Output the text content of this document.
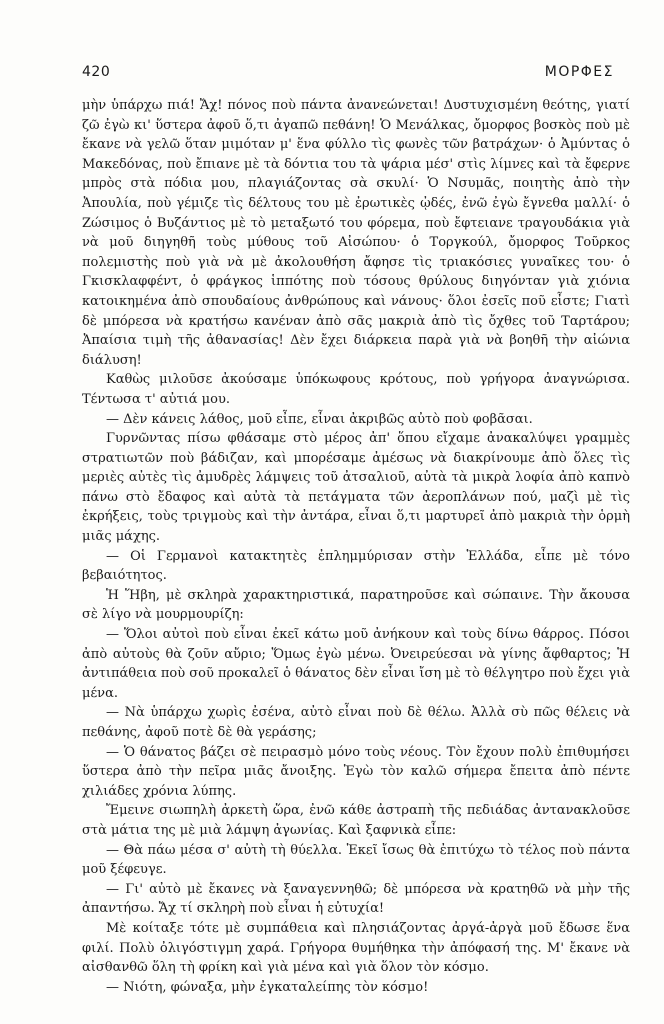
420	ΜΟΡΦΕΣ

μὴν ὑπάρχω πιά! Ἄχ! πόνος ποὺ πάντα ἀνανεώνεται! Δυστυχισμένη θεότης, γιατί ζῶ ἐγὼ κι' ὕστερα ἀφοῦ ὅ,τι ἀγαπῶ πεθάνη! Ὁ Μενάλκας, ὄμορφος βοσκὸς ποὺ μὲ ἔκανε νὰ γελῶ ὅταν μιμόταν μ' ἕνα φύλλο τὶς φωνὲς τῶν βατράχων· ὁ Ἀμύντας ὁ Μακεδόνας, ποὺ ἔπιανε μὲ τὰ δόντια του τὰ ψάρια μέσ' στὶς λίμνες καὶ τὰ ἔφερνε μπρὸς στὰ πόδια μου, πλαγιάζοντας σὰ σκυλί· Ὁ Νσυμᾶς, ποιητὴς ἀπὸ τὴν Ἀπουλία, ποὺ γέμιζε τὶς δέλτους του μὲ ἐρωτικὲς ᾠδές, ἐνῶ ἐγὼ ἔγνεθα μαλλί· ὁ Ζώσιμος ὁ Βυζάντιος μὲ τὸ μεταξωτό του φόρεμα, ποὺ ἔφτειανε τραγουδάκια γιὰ νὰ μοῦ διηγηθῆ τοὺς μύθους τοῦ Αἰσώπου· ὁ Τοργκούλ, ὄμορφος Τοῦρκος πολεμιστὴς ποὺ γιὰ νὰ μὲ ἀκολουθήση ἄφησε τὶς τριακόσιες γυναῖκες του· ὁ Γκισκλαφφέντ, ὁ φράγκος ἱππότης ποὺ τόσους θρύλους διηγόνταν γιὰ χιόνια κατοικημένα ἀπὸ σπουδαίους ἀνθρώπους καὶ νάνους· ὅλοι ἐσεῖς ποῦ εἶστε; Γιατὶ δὲ μπόρεσα νὰ κρατήσω κανέναν ἀπὸ σᾶς μακριὰ ἀπὸ τὶς ὄχθες τοῦ Ταρτάρου; Ἀπαίσια τιμὴ τῆς ἀθανασίας! Δὲν ἔχει διάρκεια παρὰ γιὰ νὰ βοηθῆ τὴν αἰώνια διάλυση!

Καθὼς μιλοῦσε ἀκούσαμε ὑπόκωφους κρότους, ποὺ γρήγορα ἀναγνώρισα. Τέντωσα τ' αὐτιά μου.

— Δὲν κάνεις λάθος, μοῦ εἶπε, εἶναι ἀκριβῶς αὐτὸ ποὺ φοβᾶσαι.

Γυρνῶντας πίσω φθάσαμε στὸ μέρος ἀπ' ὅπου εἴχαμε ἀνακαλύψει γραμμὲς στρατιωτῶν ποὺ βάδιζαν, καὶ μπορέσαμε ἀμέσως νὰ διακρίνουμε ἀπὸ ὅλες τὶς μεριὲς αὐτὲς τὶς ἀμυδρὲς λάμψεις τοῦ ἀτσαλιοῦ, αὐτὰ τὰ μικρὰ λοφία ἀπὸ καπνὸ πάνω στὸ ἔδαφος καὶ αὐτὰ τὰ πετάγματα τῶν ἀεροπλάνων πού, μαζὶ μὲ τὶς ἐκρήξεις, τοὺς τριγμοὺς καὶ τὴν ἀντάρα, εἶναι ὅ,τι μαρτυρεῖ ἀπὸ μακριὰ τὴν ὁρμὴ μιᾶς μάχης.

— Οἱ Γερμανοὶ κατακτητὲς ἐπλημμύρισαν στὴν Ἑλλάδα, εἶπε μὲ τόνο βεβαιότητος.

Ἡ Ἥβη, μὲ σκληρὰ χαρακτηριστικά, παρατηροῦσε καὶ σώπαινε. Τὴν ἄκουσα σὲ λίγο νὰ μουρμουρίζη:

— Ὅλοι αὐτοὶ ποὺ εἶναι ἐκεῖ κάτω μοῦ ἀνήκουν καὶ τοὺς δίνω θάρρος. Πόσοι ἀπὸ αὐτοὺς θὰ ζοῦν αὔριο; Ὅμως ἐγὼ μένω. Ὀνειρεύεσαι νὰ γίνης ἄφθαρτος; Ἡ ἀντιπάθεια ποὺ σοῦ προκαλεῖ ὁ θάνατος δὲν εἶναι ἴση μὲ τὸ θέλγητρο ποὺ ἔχει γιὰ μένα.

— Νὰ ὑπάρχω χωρὶς ἐσένα, αὐτὸ εἶναι ποὺ δὲ θέλω. Ἀλλὰ σὺ πῶς θέλεις νὰ πεθάνης, ἀφοῦ ποτὲ δὲ θὰ γεράσης;

— Ὁ θάνατος βάζει σὲ πειρασμὸ μόνο τοὺς νέους. Τὸν ἔχουν πολὺ ἐπιθυμήσει ὕστερα ἀπὸ τὴν πεῖρα μιᾶς ἄνοιξης. Ἐγὼ τὸν καλῶ σήμερα ἔπειτα ἀπὸ πέντε χιλιάδες χρόνια λύπης.

Ἔμεινε σιωπηλὴ ἀρκετὴ ὥρα, ἐνῶ κάθε ἀστραπὴ τῆς πεδιάδας ἀντανακλοῦσε στὰ μάτια της μὲ μιὰ λάμψη ἀγωνίας. Καὶ ξαφνικὰ εἶπε:

— Θὰ πάω μέσα σ' αὐτὴ τὴ θύελλα. Ἐκεῖ ἴσως θὰ ἐπιτύχω τὸ τέλος ποὺ πάντα μοῦ ξέφευγε.

— Γι' αὐτὸ μὲ ἔκανες νὰ ξαναγεννηθῶ; δὲ μπόρεσα νὰ κρατηθῶ νὰ μὴν τῆς ἀπαντήσω. Ἄχ τί σκληρὴ ποὺ εἶναι ἡ εὐτυχία!

Μὲ κοίταξε τότε μὲ συμπάθεια καὶ πλησιάζοντας ἀργά-ἀργὰ μοῦ ἔδωσε ἕνα φιλί. Πολὺ ὀλιγόστιγμη χαρά. Γρήγορα θυμήθηκα τὴν ἀπόφασή της. Μ' ἔκανε νὰ αἰσθανθῶ ὅλη τὴ φρίκη καὶ γιὰ μένα καὶ γιὰ ὅλον τὸν κόσμο.

— Νιότη, φώναξα, μὴν ἐγκαταλείπης τὸν κόσμο!
